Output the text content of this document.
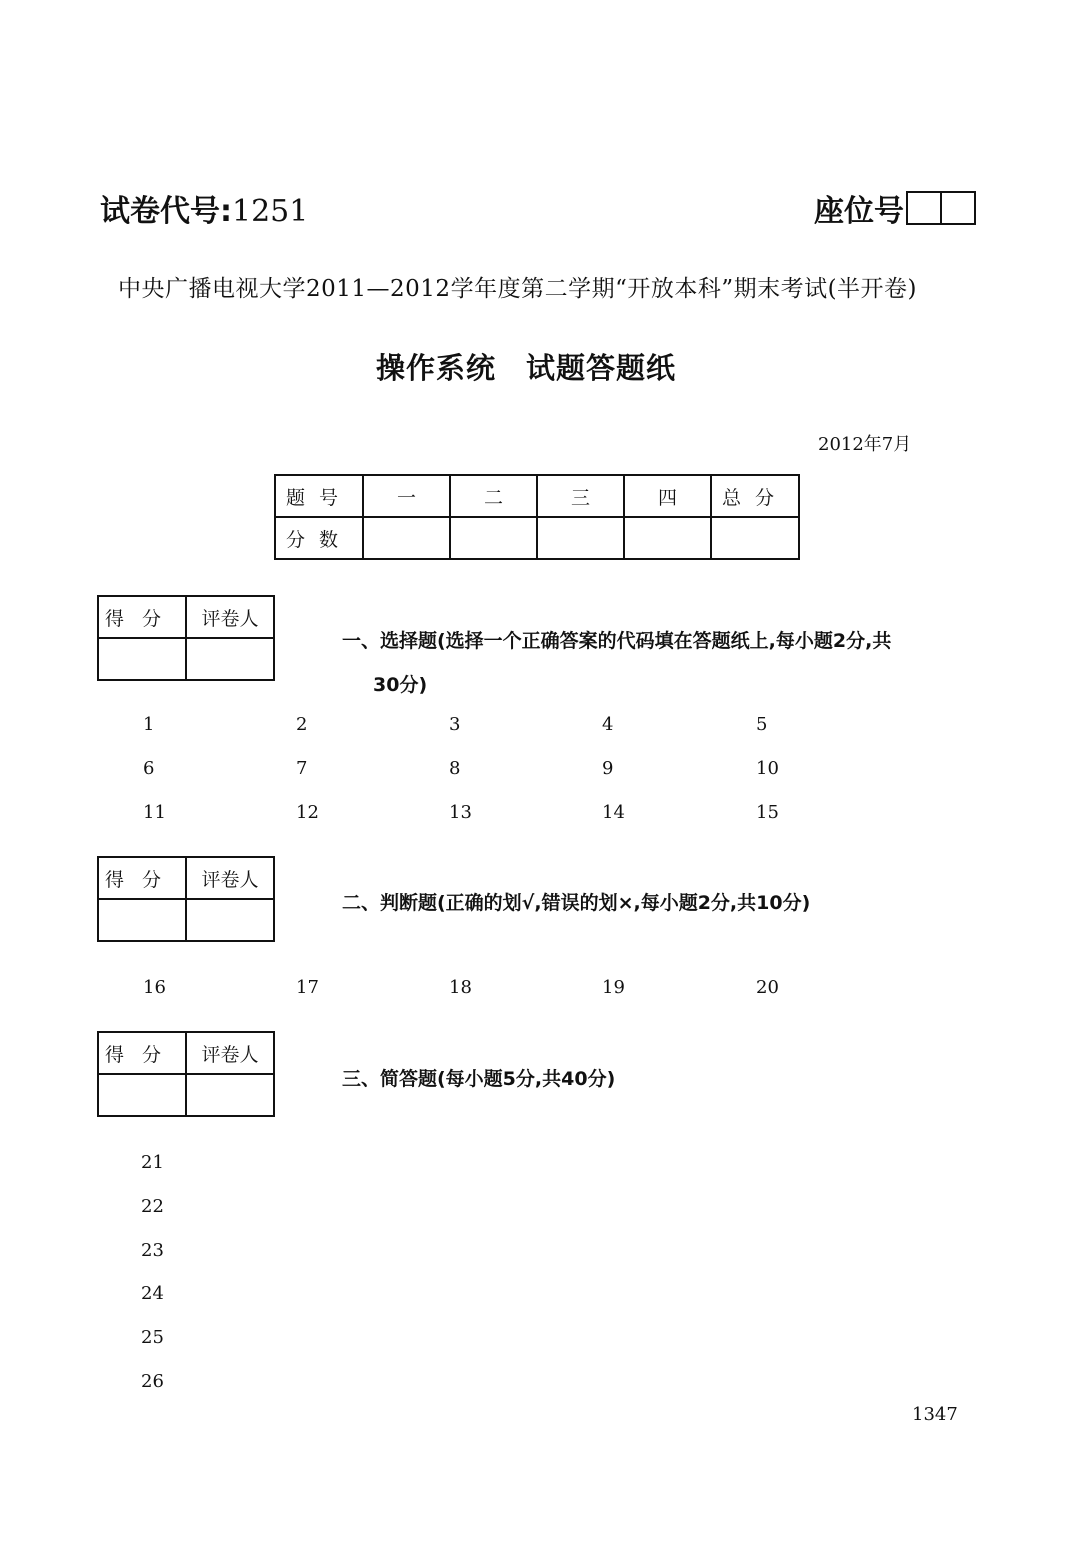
试卷代号:1251	座位号
中央广播电视大学2011—2012学年度第二学期“开放本科”期末考试(半开卷)
操作系统　试题答题纸
2012年7月
题号	一	二	三	四	总分
分数					
得分	评卷人

一、选择题(选择一个正确答案的代码填在答题纸上,每小题2分,共
30分)
1	2	3	4	5
6	7	8	9	10
11	12	13	14	15
得分	评卷人

二、判断题(正确的划√,错误的划×,每小题2分,共10分)
16	17	18	19	20
得分	评卷人

三、简答题(每小题5分,共40分)
21
22
23
24
25
26
1347
